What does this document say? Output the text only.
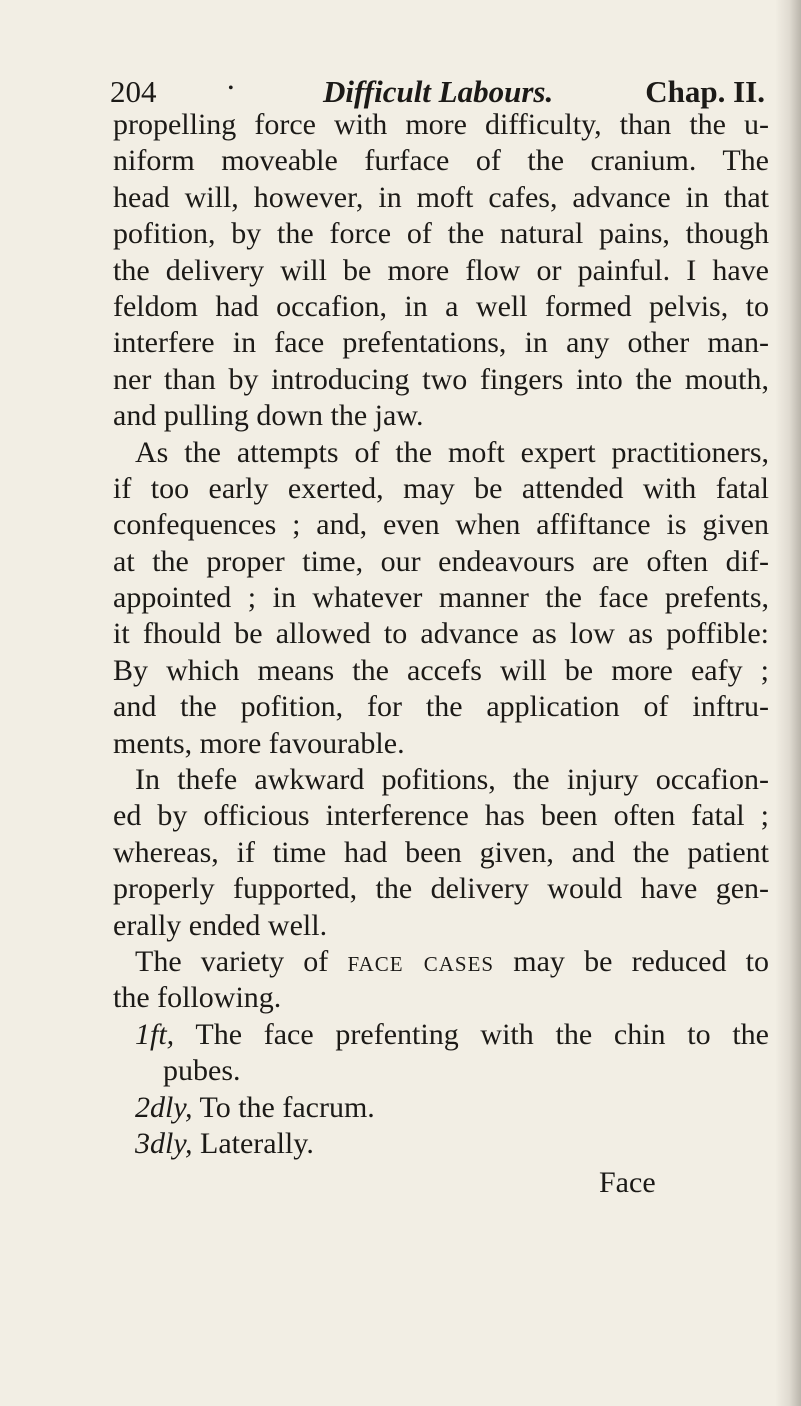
204	•	Difficult Labours.	Chap. II.
propelling force with more difficulty, than the u-
niform moveable furface of the cranium. The
head will, however, in moft cafes, advance in that
pofition, by the force of the natural pains, though
the delivery will be more flow or painful. I have
feldom had occafion, in a well formed pelvis, to
interfere in face prefentations, in any other man-
ner than by introducing two fingers into the mouth,
and pulling down the jaw.
As the attempts of the moft expert practitioners,
if too early exerted, may be attended with fatal
confequences ; and, even when affiftance is given
at the proper time, our endeavours are often dif-
appointed ; in whatever manner the face prefents,
it fhould be allowed to advance as low as poffible:
By which means the accefs will be more eafy ;
and the pofition, for the application of inftru-
ments, more favourable.
In thefe awkward pofitions, the injury occafion-
ed by officious interference has been often fatal ;
whereas, if time had been given, and the patient
properly fupported, the delivery would have gen-
erally ended well.
The variety of face cases may be reduced to
the following.
1ft, The face prefenting with the chin to the
pubes.
2dly, To the facrum.
3dly, Laterally.
Face
